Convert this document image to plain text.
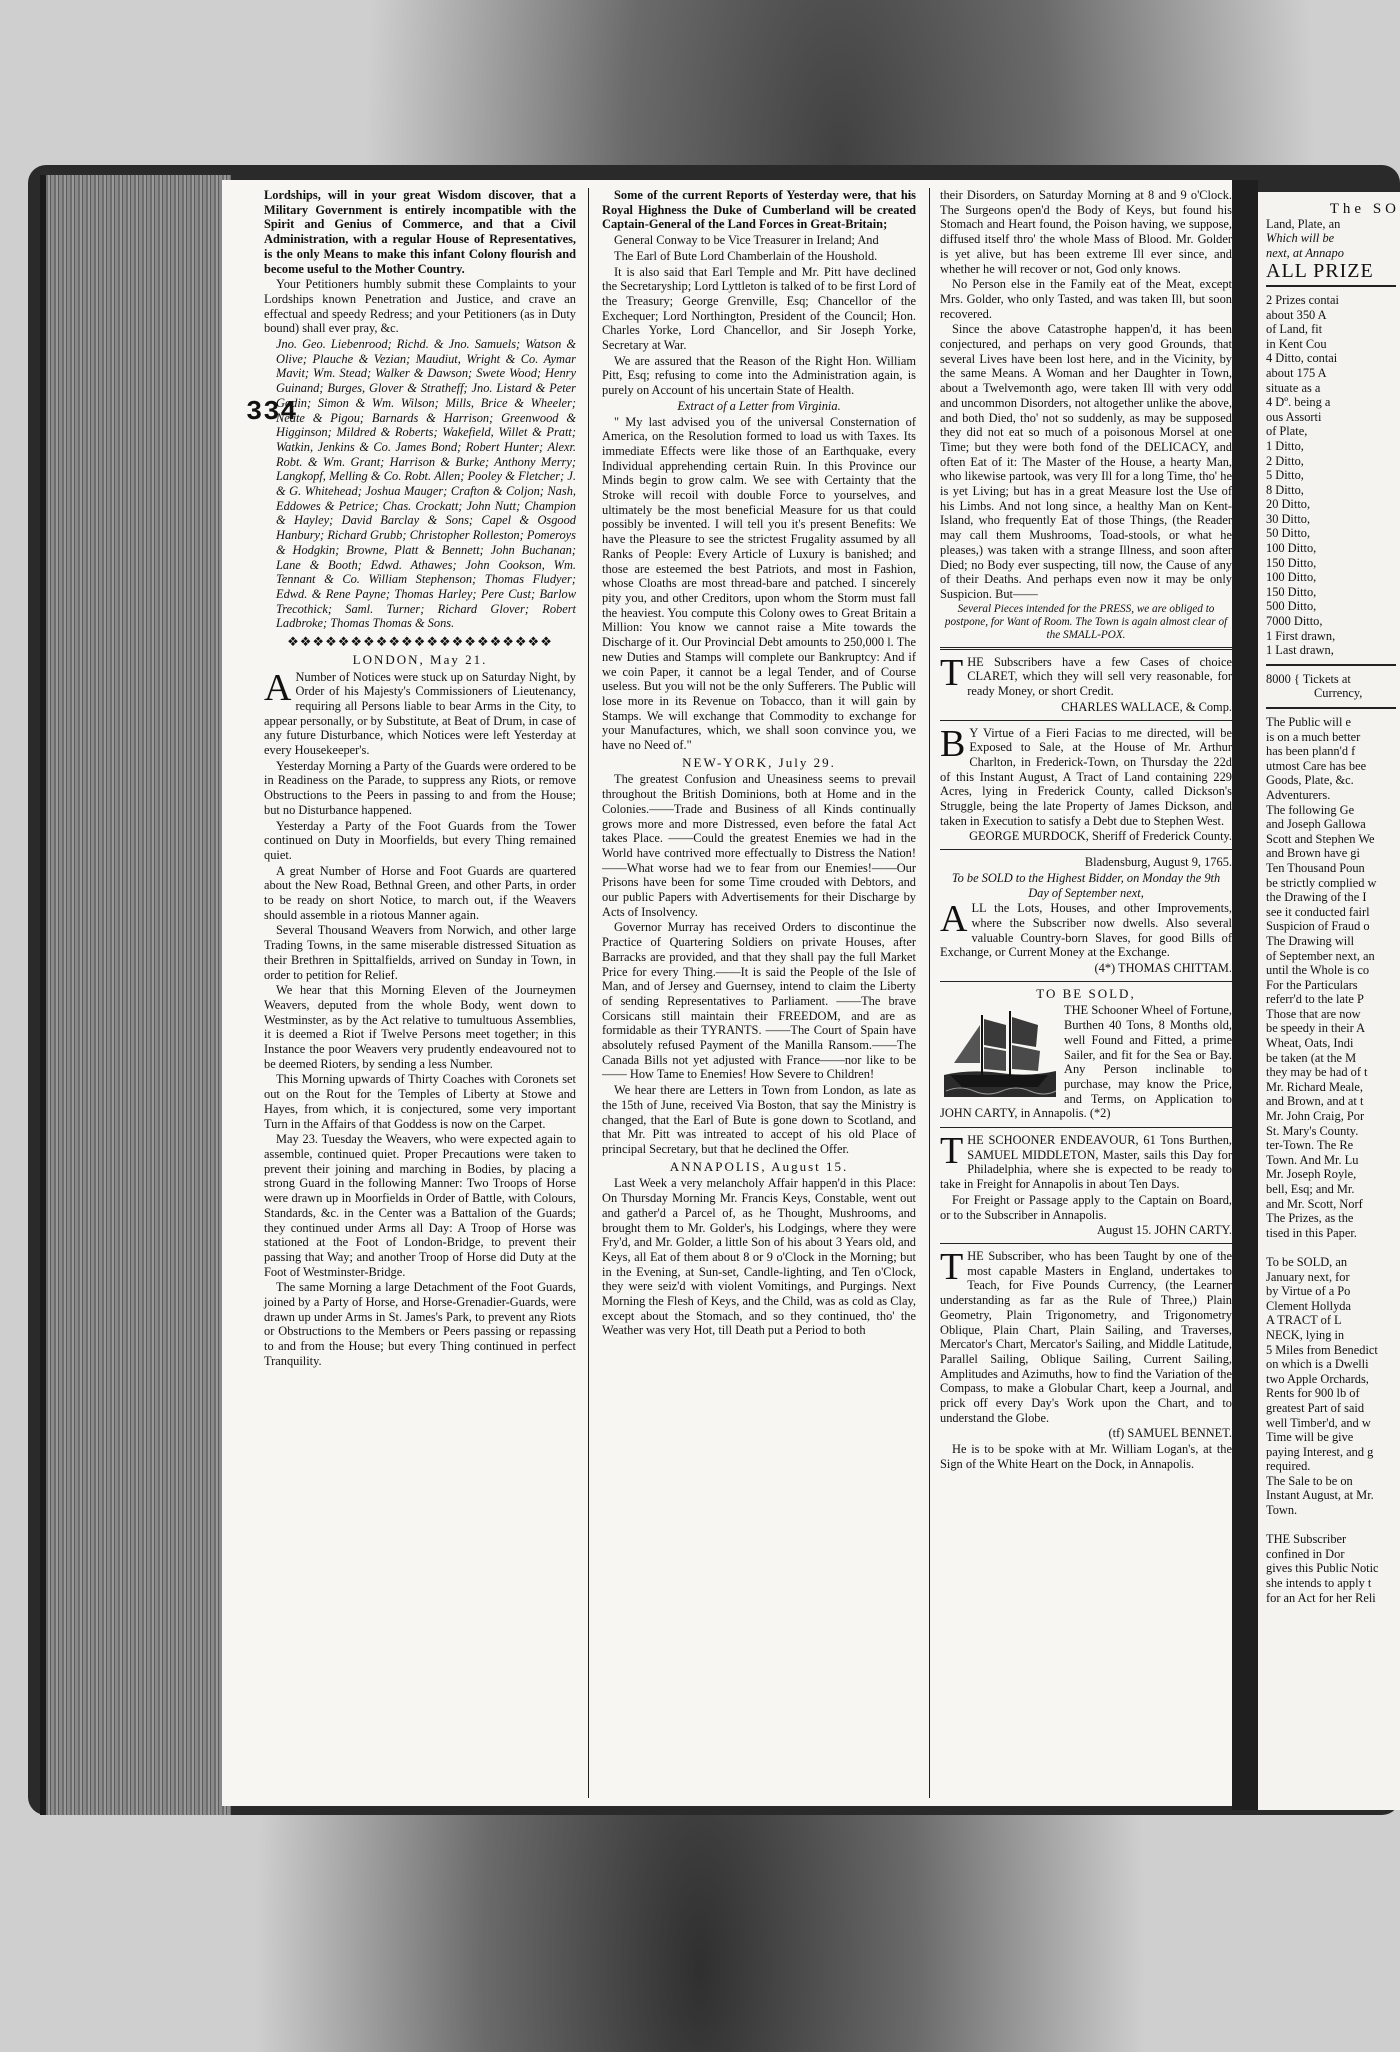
Lordships, will in your great Wisdom discover, that a Military Government is entirely incompatible with the Spirit and Genius of Commerce, and that a Civil Administration, with a regular House of Representatives, is the only Means to make this infant Colony flourish and become useful to the Mother Country.

Your Petitioners humbly submit these Complaints to your Lordships known Penetration and Justice, and crave an effectual and speedy Redress; and your Petitioners (as in Duty bound) shall ever pray, &c.

Jno. Geo. Liebenrood; Richd. & Jno. Samuels; Watson & Olive; Plauche & Vezian; Maudiut, Wright & Co. Aymar Mavit; Wm. Stead; Walker & Dawson; Swete Wood; Henry Guinand; Burges, Glover & Stratheff; Jno. Listard & Peter Godin; Simon & Wm. Wilson; Mills, Brice & Wheeler; Neate & Pigou; Barnards & Harrison; Greenwood & Higginson; Mildred & Roberts; Wakefield, Willet & Pratt; Watkin, Jenkins & Co. James Bond; Robert Hunter; Alexr. Robt. & Wm. Grant; Harrison & Burke; Anthony Merry; Langkopf, Melling & Co. Robt. Allen; Pooley & Fletcher; J. & G. Whitehead; Joshua Mauger; Crafton & Coljon; Nash, Eddowes & Petrice; Chas. Crockatt; John Nutt; Champion & Hayley; David Barclay & Sons; Capel & Osgood Hanbury; Richard Grubb; Christopher Rolleston; Pomeroys & Hodgkin; Browne, Platt & Bennett; John Buchanan; Lane & Booth; Edwd. Athawes; John Cookson, Wm. Tennant & Co. William Stephenson; Thomas Fludyer; Edwd. & Rene Payne; Thomas Harley; Pere Cust; Barlow Trecothick; Saml. Turner; Richard Glover; Robert Ladbroke; Thomas Thomas & Sons.

❖❖❖❖❖❖❖❖❖❖❖❖❖❖❖❖❖❖❖❖❖
LONDON, May 21.

A Number of Notices were stuck up on Saturday Night, by Order of his Majesty's Commissioners of Lieutenancy, requiring all Persons liable to bear Arms in the City, to appear personally, or by Substitute, at Beat of Drum, in case of any future Disturbance, which Notices were left Yesterday at every Housekeeper's.

Yesterday Morning a Party of the Guards were ordered to be in Readiness on the Parade, to suppress any Riots, or remove Obstructions to the Peers in passing to and from the House; but no Disturbance happened.

Yesterday a Party of the Foot Guards from the Tower continued on Duty in Moorfields, but every Thing remained quiet.

A great Number of Horse and Foot Guards are quartered about the New Road, Bethnal Green, and other Parts, in order to be ready on short Notice, to march out, if the Weavers should assemble in a riotous Manner again.

Several Thousand Weavers from Norwich, and other large Trading Towns, in the same miserable distressed Situation as their Brethren in Spittalfields, arrived on Sunday in Town, in order to petition for Relief.

We hear that this Morning Eleven of the Journeymen Weavers, deputed from the whole Body, went down to Westminster, as by the Act relative to tumultuous Assemblies, it is deemed a Riot if Twelve Persons meet together; in this Instance the poor Weavers very prudently endeavoured not to be deemed Rioters, by sending a less Number.

This Morning upwards of Thirty Coaches with Coronets set out on the Rout for the Temples of Liberty at Stowe and Hayes, from which, it is conjectured, some very important Turn in the Affairs of that Goddess is now on the Carpet.

May 23. Tuesday the Weavers, who were expected again to assemble, continued quiet. Proper Precautions were taken to prevent their joining and marching in Bodies, by placing a strong Guard in the following Manner: Two Troops of Horse were drawn up in Moorfields in Order of Battle, with Colours, Standards, &c. in the Center was a Battalion of the Guards; they continued under Arms all Day: A Troop of Horse was stationed at the Foot of London-Bridge, to prevent their passing that Way; and another Troop of Horse did Duty at the Foot of Westminster-Bridge.

The same Morning a large Detachment of the Foot Guards, joined by a Party of Horse, and Horse-Grenadier-Guards, were drawn up under Arms in St. James's Park, to prevent any Riots or Obstructions to the Members or Peers passing or repassing to and from the House; but every Thing continued in perfect Tranquility.

Some of the current Reports of Yesterday were, that his Royal Highness the Duke of Cumberland will be created Captain-General of the Land Forces in Great-Britain;

General Conway to be Vice Treasurer in Ireland; And

The Earl of Bute Lord Chamberlain of the Houshold.

It is also said that Earl Temple and Mr. Pitt have declined the Secretaryship; Lord Lyttleton is talked of to be first Lord of the Treasury; George Grenville, Esq; Chancellor of the Exchequer; Lord Northington, President of the Council; Hon. Charles Yorke, Lord Chancellor, and Sir Joseph Yorke, Secretary at War.

We are assured that the Reason of the Right Hon. William Pitt, Esq; refusing to come into the Administration again, is purely on Account of his uncertain State of Health.

Extract of a Letter from Virginia.

" My last advised you of the universal Consternation of America, on the Resolution formed to load us with Taxes. Its immediate Effects were like those of an Earthquake, every Individual apprehending certain Ruin. In this Province our Minds begin to grow calm. We see with Certainty that the Stroke will recoil with double Force to yourselves, and ultimately be the most beneficial Measure for us that could possibly be invented. I will tell you it's present Benefits: We have the Pleasure to see the strictest Frugality assumed by all Ranks of People: Every Article of Luxury is banished; and those are esteemed the best Patriots, and most in Fashion, whose Cloaths are most thread-bare and patched. I sincerely pity you, and other Creditors, upon whom the Storm must fall the heaviest. You compute this Colony owes to Great Britain a Million: You know we cannot raise a Mite towards the Discharge of it. Our Provincial Debt amounts to 250,000 l. The new Duties and Stamps will complete our Bankruptcy: And if we coin Paper, it cannot be a legal Tender, and of Course useless. But you will not be the only Sufferers. The Public will lose more in its Revenue on Tobacco, than it will gain by Stamps. We will exchange that Commodity to exchange for your Manufactures, which, we shall soon convince you, we have no Need of."

NEW-YORK, July 29.

The greatest Confusion and Uneasiness seems to prevail throughout the British Dominions, both at Home and in the Colonies.——Trade and Business of all Kinds continually grows more and more Distressed, even before the fatal Act takes Place. ——Could the greatest Enemies we had in the World have contrived more effectually to Distress the Nation!——What worse had we to fear from our Enemies!——Our Prisons have been for some Time crouded with Debtors, and our public Papers with Advertisements for their Discharge by Acts of Insolvency.

Governor Murray has received Orders to discontinue the Practice of Quartering Soldiers on private Houses, after Barracks are provided, and that they shall pay the full Market Price for every Thing.——It is said the People of the Isle of Man, and of Jersey and Guernsey, intend to claim the Liberty of sending Representatives to Parliament. ——The brave Corsicans still maintain their FREEDOM, and are as formidable as their TYRANTS. ——The Court of Spain have absolutely refused Payment of the Manilla Ransom.——The Canada Bills not yet adjusted with France——nor like to be—— How Tame to Enemies! How Severe to Children!

We hear there are Letters in Town from London, as late as the 15th of June, received Via Boston, that say the Ministry is changed, that the Earl of Bute is gone down to Scotland, and that Mr. Pitt was intreated to accept of his old Place of principal Secretary, but that he declined the Offer.

ANNAPOLIS, August 15.

Last Week a very melancholy Affair happen'd in this Place: On Thursday Morning Mr. Francis Keys, Constable, went out and gather'd a Parcel of, as he Thought, Mushrooms, and brought them to Mr. Golder's, his Lodgings, where they were Fry'd, and Mr. Golder, a little Son of his about 3 Years old, and Keys, all Eat of them about 8 or 9 o'Clock in the Morning; but in the Evening, at Sun-set, Candle-lighting, and Ten o'Clock, they were seiz'd with violent Vomitings, and Purgings. Next Morning the Flesh of Keys, and the Child, was as cold as Clay, except about the Stomach, and so they continued, tho' the Weather was very Hot, till Death put a Period to both

their Disorders, on Saturday Morning at 8 and 9 o'Clock. The Surgeons open'd the Body of Keys, but found his Stomach and Heart found, the Poison having, we suppose, diffused itself thro' the whole Mass of Blood. Mr. Golder is yet alive, but has been extreme Ill ever since, and whether he will recover or not, God only knows.

No Person else in the Family eat of the Meat, except Mrs. Golder, who only Tasted, and was taken Ill, but soon recovered.

Since the above Catastrophe happen'd, it has been conjectured, and perhaps on very good Grounds, that several Lives have been lost here, and in the Vicinity, by the same Means. A Woman and her Daughter in Town, about a Twelvemonth ago, were taken Ill with very odd and uncommon Disorders, not altogether unlike the above, and both Died, tho' not so suddenly, as may be supposed they did not eat so much of a poisonous Morsel at one Time; but they were both fond of the DELICACY, and often Eat of it: The Master of the House, a hearty Man, who likewise partook, was very Ill for a long Time, tho' he is yet Living; but has in a great Measure lost the Use of his Limbs. And not long since, a healthy Man on Kent-Island, who frequently Eat of those Things, (the Reader may call them Mushrooms, Toad-stools, or what he pleases,) was taken with a strange Illness, and soon after Died; no Body ever suspecting, till now, the Cause of any of their Deaths. And perhaps even now it may be only Suspicion. But——

Several Pieces intended for the PRESS, we are obliged to postpone, for Want of Room. The Town is again almost clear of the SMALL-POX.

THE Subscribers have a few Cases of choice CLARET, which they will sell very reasonable, for ready Money, or short Credit.

CHARLES WALLACE, & Comp.

B Y Virtue of a Fieri Facias to me directed, will be Exposed to Sale, at the House of Mr. Arthur Charlton, in Frederick-Town, on Thursday the 22d of this Instant August, A Tract of Land containing 229 Acres, lying in Frederick County, called Dickson's Struggle, being the late Property of James Dickson, and taken in Execution to satisfy a Debt due to Stephen West.

GEORGE MURDOCK, Sheriff of Frederick County.

Bladensburg, August 9, 1765.

To be SOLD to the Highest Bidder, on Monday the 9th Day of September next,

ALL the Lots, Houses, and other Improvements, where the Subscriber now dwells. Also several valuable Country-born Slaves, for good Bills of Exchange, or Current Money at the Exchange.

(4*) THOMAS CHITTAM.

TO BE SOLD,

THE Schooner Wheel of Fortune, Burthen 40 Tons, 8 Months old, well Found and Fitted, a prime Sailer, and fit for the Sea or Bay. Any Person inclinable to purchase, may know the Price, and Terms, on Application to JOHN CARTY, in Annapolis. (*2)

THE SCHOONER ENDEAVOUR, 61 Tons Burthen, SAMUEL MIDDLETON, Master, sails this Day for Philadelphia, where she is expected to be ready to take in Freight for Annapolis in about Ten Days.

For Freight or Passage apply to the Captain on Board, or to the Subscriber in Annapolis.

August 15. JOHN CARTY.

THE Subscriber, who has been Taught by one of the most capable Masters in England, undertakes to Teach, for Five Pounds Currency, (the Learner understanding as far as the Rule of Three,) Plain Geometry, Plain Trigonometry, and Trigonometry Oblique, Plain Chart, Plain Sailing, and Traverses, Mercator's Chart, Mercator's Sailing, and Middle Latitude, Parallel Sailing, Oblique Sailing, Current Sailing, Amplitudes and Azimuths, how to find the Variation of the Compass, to make a Globular Chart, keep a Journal, and prick off every Day's Work upon the Chart, and to understand the Globe.

(tf) SAMUEL BENNET.

He is to be spoke with at Mr. William Logan's, at the Sign of the White Heart on the Dock, in Annapolis.

334
The SO
Land, Plate, an
Which will be
next, at Annapo
ALL PRIZE
2 Prizes contai
about 350 A
of Land, fit
in Kent Cou
4 Ditto, contai
about 175 A
situate as a
4 Dº. being a
ous Assorti
of Plate,
1 Ditto,
2 Ditto,
5 Ditto,
8 Ditto,
20 Ditto,
30 Ditto,
50 Ditto,
100 Ditto,
150 Ditto,
100 Ditto,
150 Ditto,
500 Ditto,
7000 Ditto,
1 First drawn,
1 Last drawn,
8000 { Tickets at
Currency,
The Public will e
is on a much better
has been plann'd f
utmost Care has bee
Goods, Plate, &c.
Adventurers.
The following Ge
and Joseph Gallowa
Scott and Stephen We
and Brown have gi
Ten Thousand Poun
be strictly complied w
the Drawing of the I
see it conducted fairl
Suspicion of Fraud o
The Drawing will
of September next, an
until the Whole is co
For the Particulars
referr'd to the late P
Those that are now
be speedy in their A
Wheat, Oats, Indi
be taken (at the M
they may be had of t
Mr. Richard Meale,
and Brown, and at t
Mr. John Craig, Por
St. Mary's County.
ter-Town. The Re
Town. And Mr. Lu
Mr. Joseph Royle,
bell, Esq; and Mr.
and Mr. Scott, Norf
The Prizes, as the
tised in this Paper.

To be SOLD, an
January next, for
by Virtue of a Po
Clement Hollyda
A TRACT of L
NECK, lying in
5 Miles from Benedict
on which is a Dwelli
two Apple Orchards,
Rents for 900 lb of
greatest Part of said
well Timber'd, and w
Time will be give
paying Interest, and g
required.
The Sale to be on
Instant August, at Mr.
Town.

THE Subscriber
confined in Dor
gives this Public Notic
she intends to apply t
for an Act for her Reli
